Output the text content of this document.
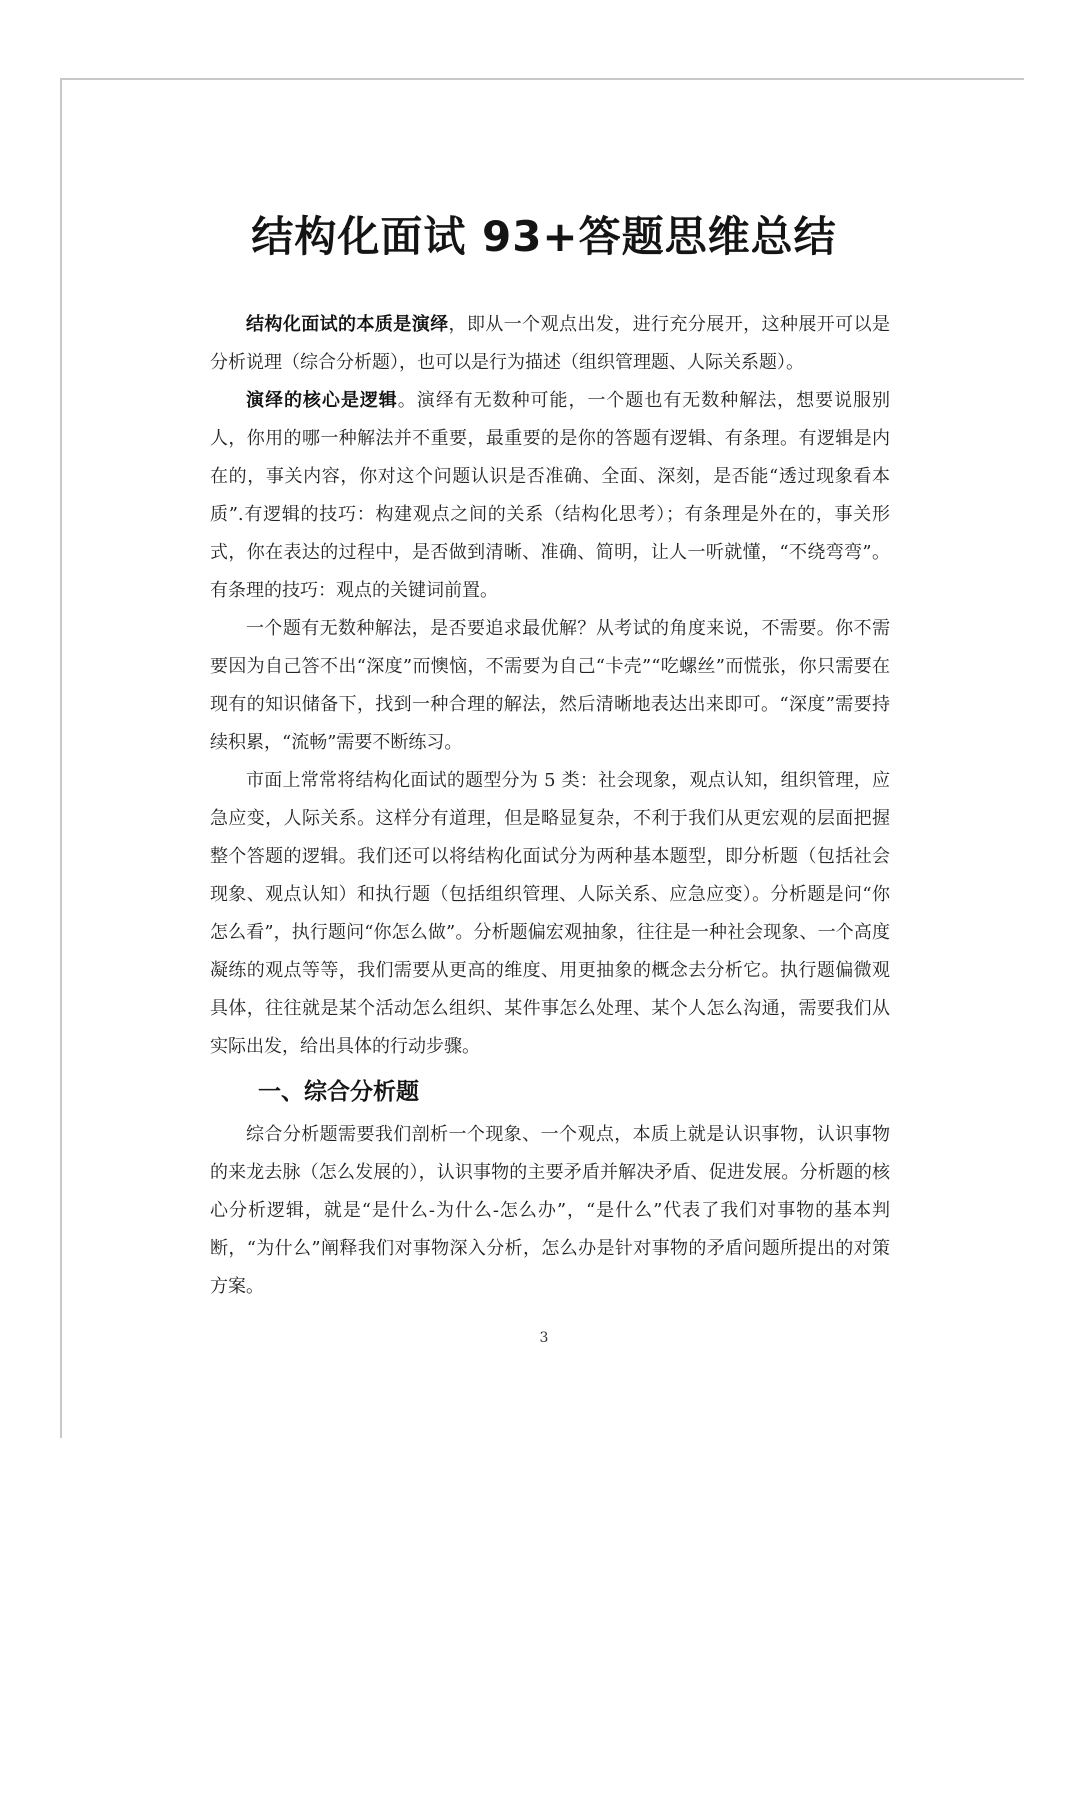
结构化面试 93+答题思维总结

结构化面试的本质是演绎，即从一个观点出发，进行充分展开，这种展开可以是分析说理（综合分析题），也可以是行为描述（组织管理题、人际关系题）。

演绎的核心是逻辑。演绎有无数种可能，一个题也有无数种解法，想要说服别人，你用的哪一种解法并不重要，最重要的是你的答题有逻辑、有条理。有逻辑是内在的，事关内容，你对这个问题认识是否准确、全面、深刻，是否能“透过现象看本质”.有逻辑的技巧：构建观点之间的关系（结构化思考）；有条理是外在的，事关形式，你在表达的过程中，是否做到清晰、准确、简明，让人一听就懂，“不绕弯弯”。有条理的技巧：观点的关键词前置。

一个题有无数种解法，是否要追求最优解？从考试的角度来说，不需要。你不需要因为自己答不出“深度”而懊恼，不需要为自己“卡壳”“吃螺丝”而慌张，你只需要在现有的知识储备下，找到一种合理的解法，然后清晰地表达出来即可。“深度”需要持续积累，“流畅”需要不断练习。

市面上常常将结构化面试的题型分为 5 类：社会现象，观点认知，组织管理，应急应变，人际关系。这样分有道理，但是略显复杂，不利于我们从更宏观的层面把握整个答题的逻辑。我们还可以将结构化面试分为两种基本题型，即分析题（包括社会现象、观点认知）和执行题（包括组织管理、人际关系、应急应变）。分析题是问“你怎么看”，执行题问“你怎么做”。分析题偏宏观抽象，往往是一种社会现象、一个高度凝练的观点等等，我们需要从更高的维度、用更抽象的概念去分析它。执行题偏微观具体，往往就是某个活动怎么组织、某件事怎么处理、某个人怎么沟通，需要我们从实际出发，给出具体的行动步骤。

一、综合分析题

综合分析题需要我们剖析一个现象、一个观点，本质上就是认识事物，认识事物的来龙去脉（怎么发展的），认识事物的主要矛盾并解决矛盾、促进发展。分析题的核心分析逻辑，就是“是什么-为什么-怎么办”，“是什么”代表了我们对事物的基本判断，“为什么”阐释我们对事物深入分析，怎么办是针对事物的矛盾问题所提出的对策方案。

3
